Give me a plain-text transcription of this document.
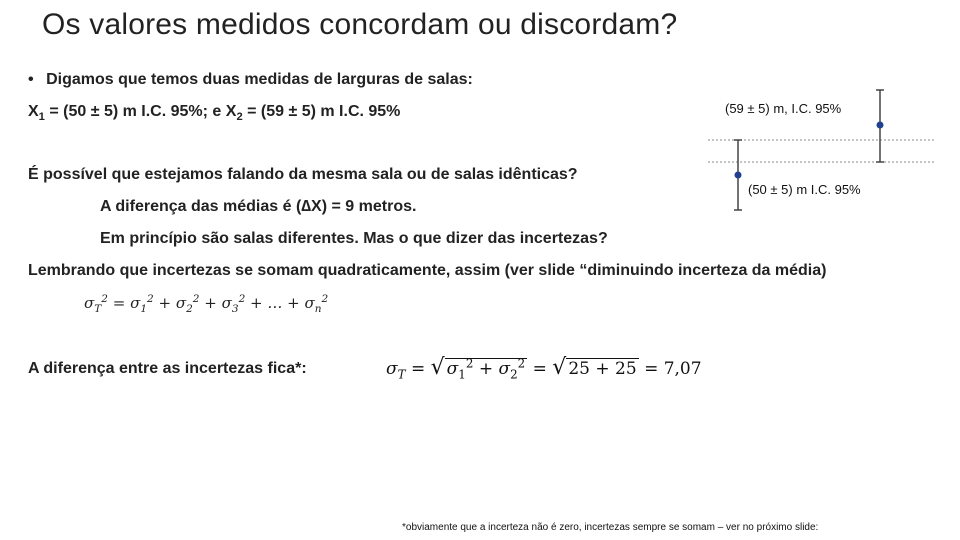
Os valores medidos concordam ou discordam?
• Digamos que temos duas medidas de larguras de salas:
$X_1 = (50 \pm 5)$ m I.C. 95%; e $X_2 = (59 \pm 5)$ m I.C. 95%
É possível que estejamos falando da mesma sala ou de salas idênticas?
A diferença das médias é (∆X) = 9 metros.
Em princípio são salas diferentes. Mas o que dizer das incertezas?
Lembrando que incertezas se somam quadraticamente, assim (ver slide “diminuindo incerteza da média)
$\sigma_T^2 = \sigma_1^2 + \sigma_2^2 + \sigma_3^2$ + … + $\sigma_n^2$
A diferença entre as incertezas fica*:	$\sigma_T$ = √ $\sigma_1^2 + \sigma_2^2$ = √ 25 + 25 = 7,07
(59 ± 5) m, I.C. 95%
(50 ± 5) m I.C. 95%
*obviamente que a incerteza não é zero, incertezas sempre se somam – ver no próximo slide:
